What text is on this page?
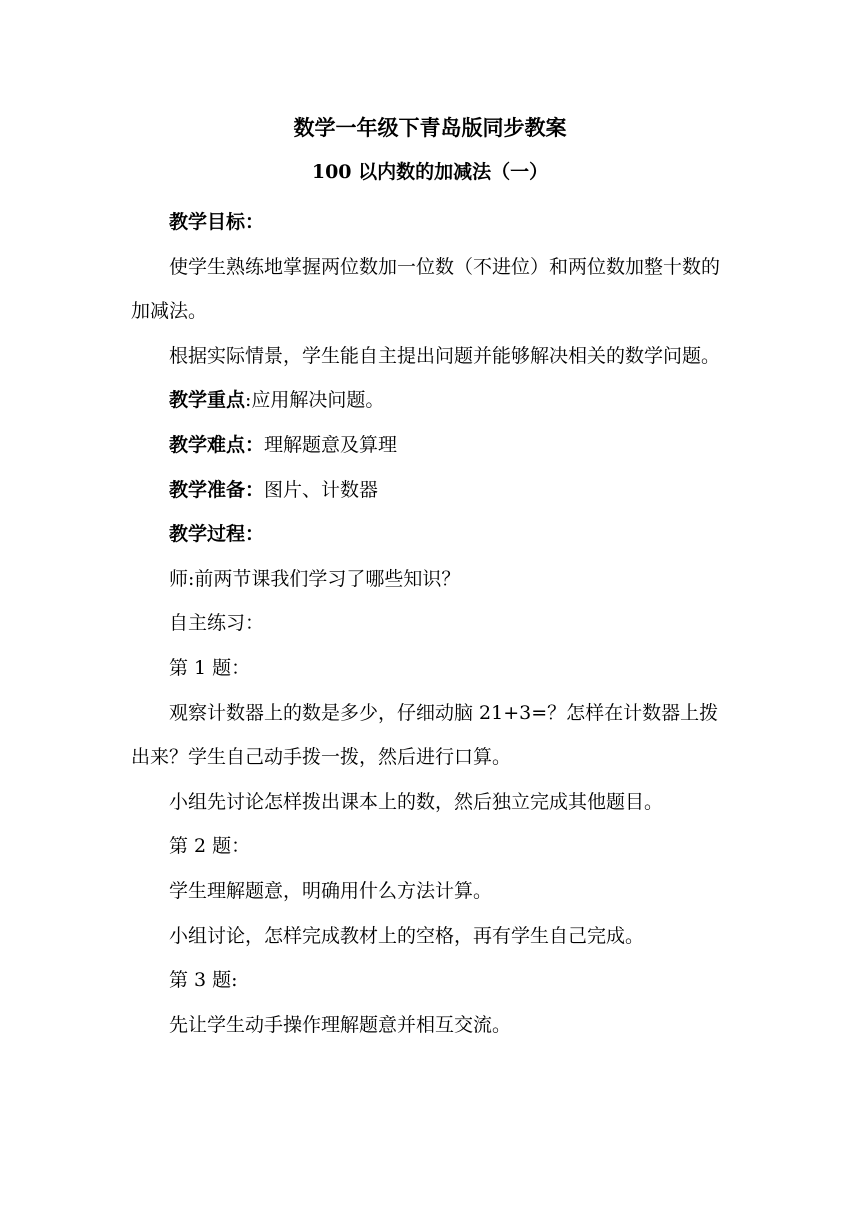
数学一年级下青岛版同步教案
100 以内数的加减法（一）

教学目标：

使学生熟练地掌握两位数加一位数（不进位）和两位数加整十数的加减法。

根据实际情景，学生能自主提出问题并能够解决相关的数学问题。

教学重点:应用解决问题。

教学难点：理解题意及算理

教学准备：图片、计数器

教学过程：

师:前两节课我们学习了哪些知识？

自主练习：

第 1 题：

观察计数器上的数是多少，仔细动脑 21+3=？怎样在计数器上拨出来？学生自己动手拨一拨，然后进行口算。

小组先讨论怎样拨出课本上的数，然后独立完成其他题目。

第 2 题：

学生理解题意，明确用什么方法计算。

小组讨论，怎样完成教材上的空格，再有学生自己完成。

第 3 题:

先让学生动手操作理解题意并相互交流。
